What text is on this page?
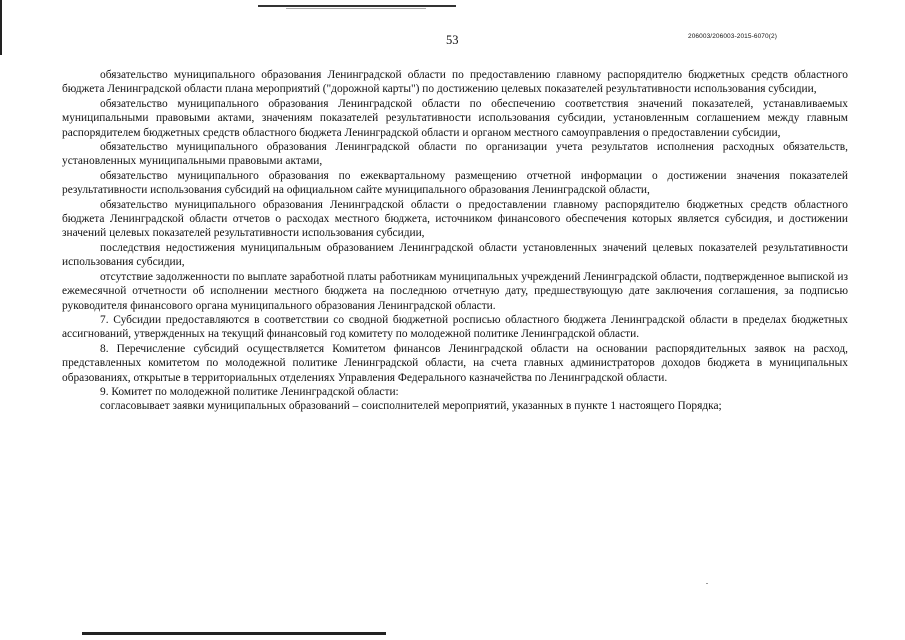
53	206003/206003-2015-6070(2)

обязательство муниципального образования Ленинградской области по предоставлению главному распорядителю бюджетных средств областного бюджета Ленинградской области плана мероприятий ("дорожной карты") по достижению целевых показателей результативности использования субсидии,

обязательство муниципального образования Ленинградской области по обеспечению соответствия значений показателей, устанавливаемых муниципальными правовыми актами, значениям показателей результативности использования субсидии, установленным соглашением между главным распорядителем бюджетных средств областного бюджета Ленинградской области и органом местного самоуправления о предоставлении субсидии,

обязательство муниципального образования Ленинградской области по организации учета результатов исполнения расходных обязательств, установленных муниципальными правовыми актами,

обязательство муниципального образования по ежеквартальному размещению отчетной информации о достижении значения показателей результативности использования субсидий на официальном сайте муниципального образования Ленинградской области,

обязательство муниципального образования Ленинградской области о предоставлении главному распорядителю бюджетных средств областного бюджета Ленинградской области отчетов о расходах местного бюджета, источником финансового обеспечения которых является субсидия, и достижении значений целевых показателей результативности использования субсидии,

последствия недостижения муниципальным образованием Ленинградской области установленных значений целевых показателей результативности использования субсидии,

отсутствие задолженности по выплате заработной платы работникам муниципальных учреждений Ленинградской области, подтвержденное выпиской из ежемесячной отчетности об исполнении местного бюджета на последнюю отчетную дату, предшествующую дате заключения соглашения, за подписью руководителя финансового органа муниципального образования Ленинградской области.

7. Субсидии предоставляются в соответствии со сводной бюджетной росписью областного бюджета Ленинградской области в пределах бюджетных ассигнований, утвержденных на текущий финансовый год комитету по молодежной политике Ленинградской области.

8. Перечисление субсидий осуществляется Комитетом финансов Ленинградской области на основании распорядительных заявок на расход, представленных комитетом по молодежной политике Ленинградской области, на счета главных администраторов доходов бюджета в муниципальных образованиях, открытые в территориальных отделениях Управления Федерального казначейства по Ленинградской области.

9. Комитет по молодежной политике Ленинградской области:

согласовывает заявки муниципальных образований – соисполнителей мероприятий, указанных в пункте 1 настоящего Порядка;
